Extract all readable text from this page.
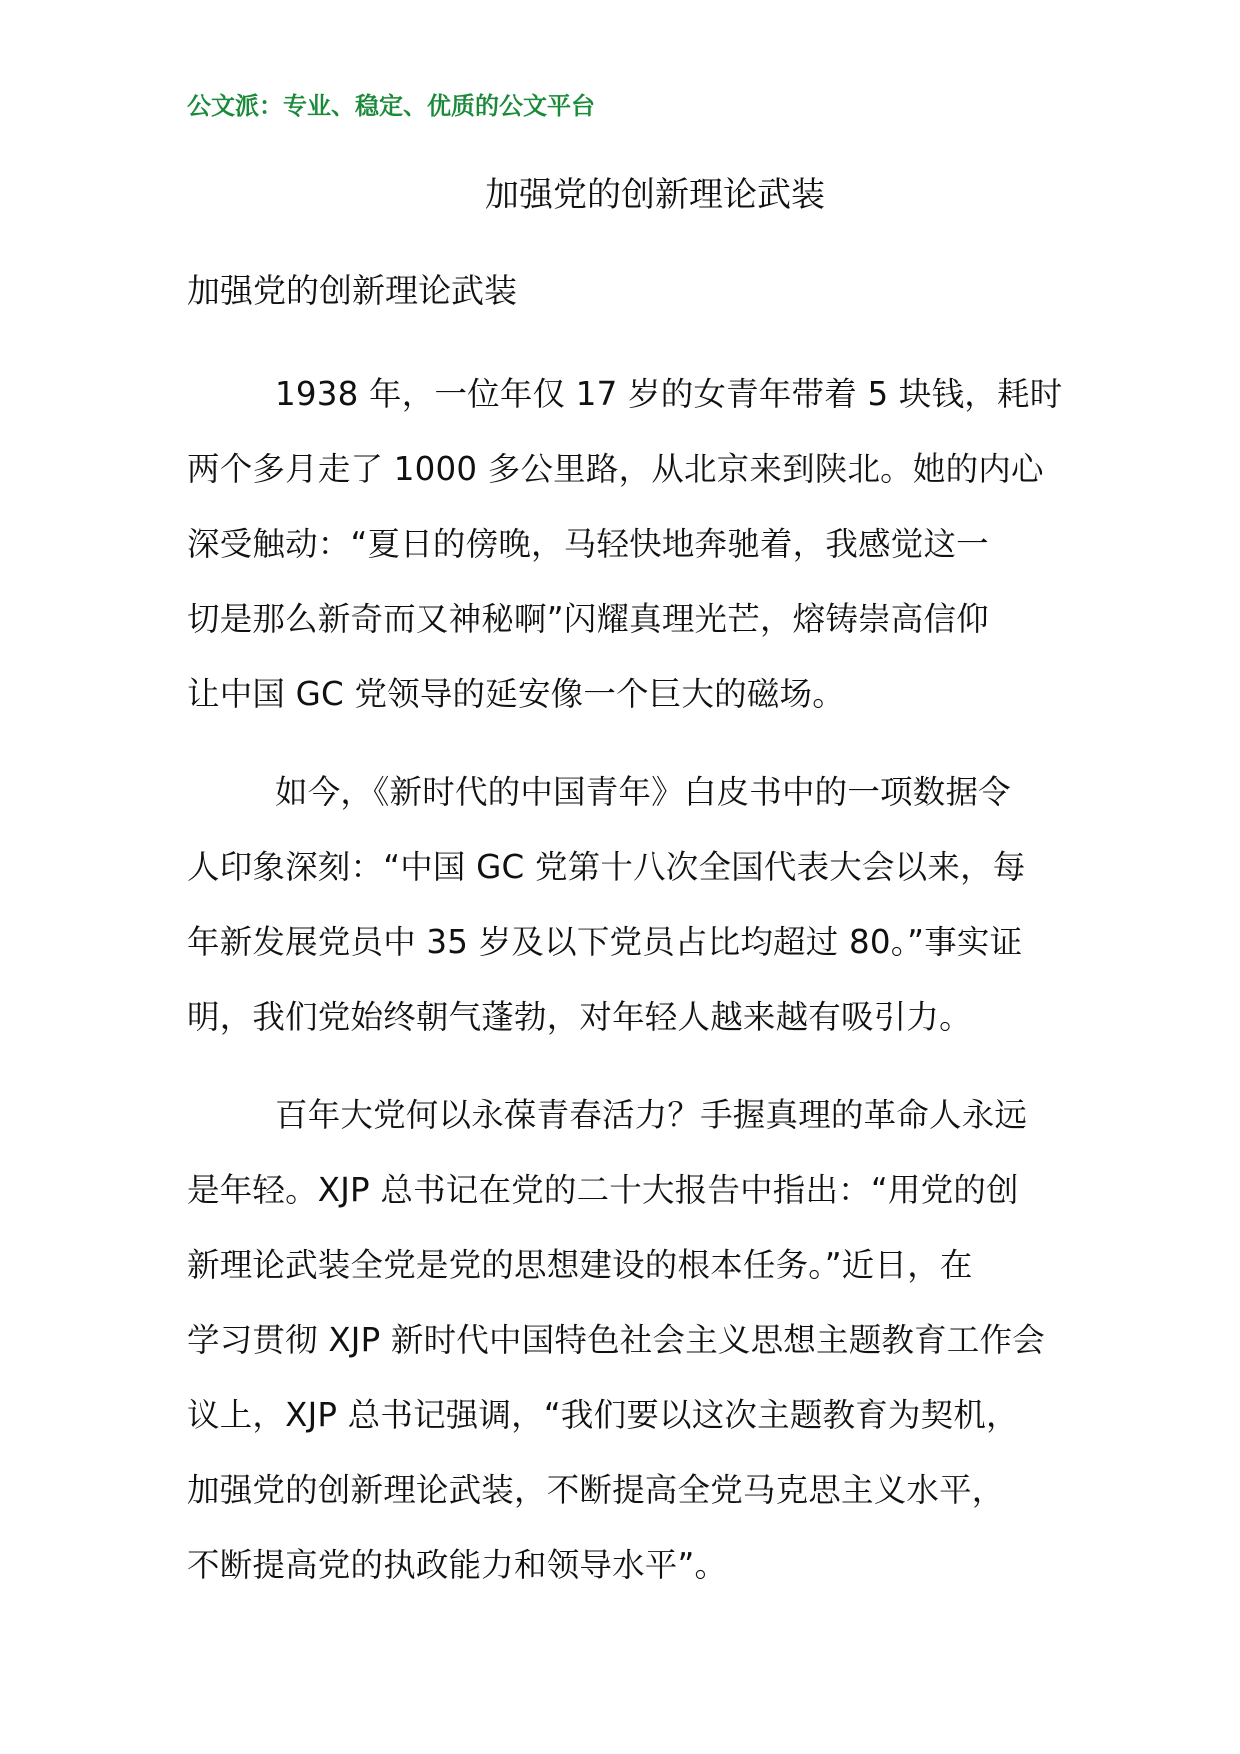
公文派：专业、稳定、优质的公文平台
加强党的创新理论武装
加强党的创新理论武装
1938 年，一位年仅 17 岁的女青年带着 5 块钱，耗时
两个多月走了 1000 多公里路，从北京来到陕北。她的内心
深受触动：“夏日的傍晚，马轻快地奔驰着，我感觉这一
切是那么新奇而又神秘啊”闪耀真理光芒，熔铸崇高信仰
让中国 GC 党领导的延安像一个巨大的磁场。
如今，《新时代的中国青年》白皮书中的一项数据令
人印象深刻：“中国 GC 党第十八次全国代表大会以来，每
年新发展党员中 35 岁及以下党员占比均超过 80。”事实证
明，我们党始终朝气蓬勃，对年轻人越来越有吸引力。
百年大党何以永葆青春活力？手握真理的革命人永远
是年轻。XJP 总书记在党的二十大报告中指出：“用党的创
新理论武装全党是党的思想建设的根本任务。”近日，在
学习贯彻 XJP 新时代中国特色社会主义思想主题教育工作会
议上，XJP 总书记强调，“我们要以这次主题教育为契机，
加强党的创新理论武装，不断提高全党马克思主义水平，
不断提高党的执政能力和领导水平”。
